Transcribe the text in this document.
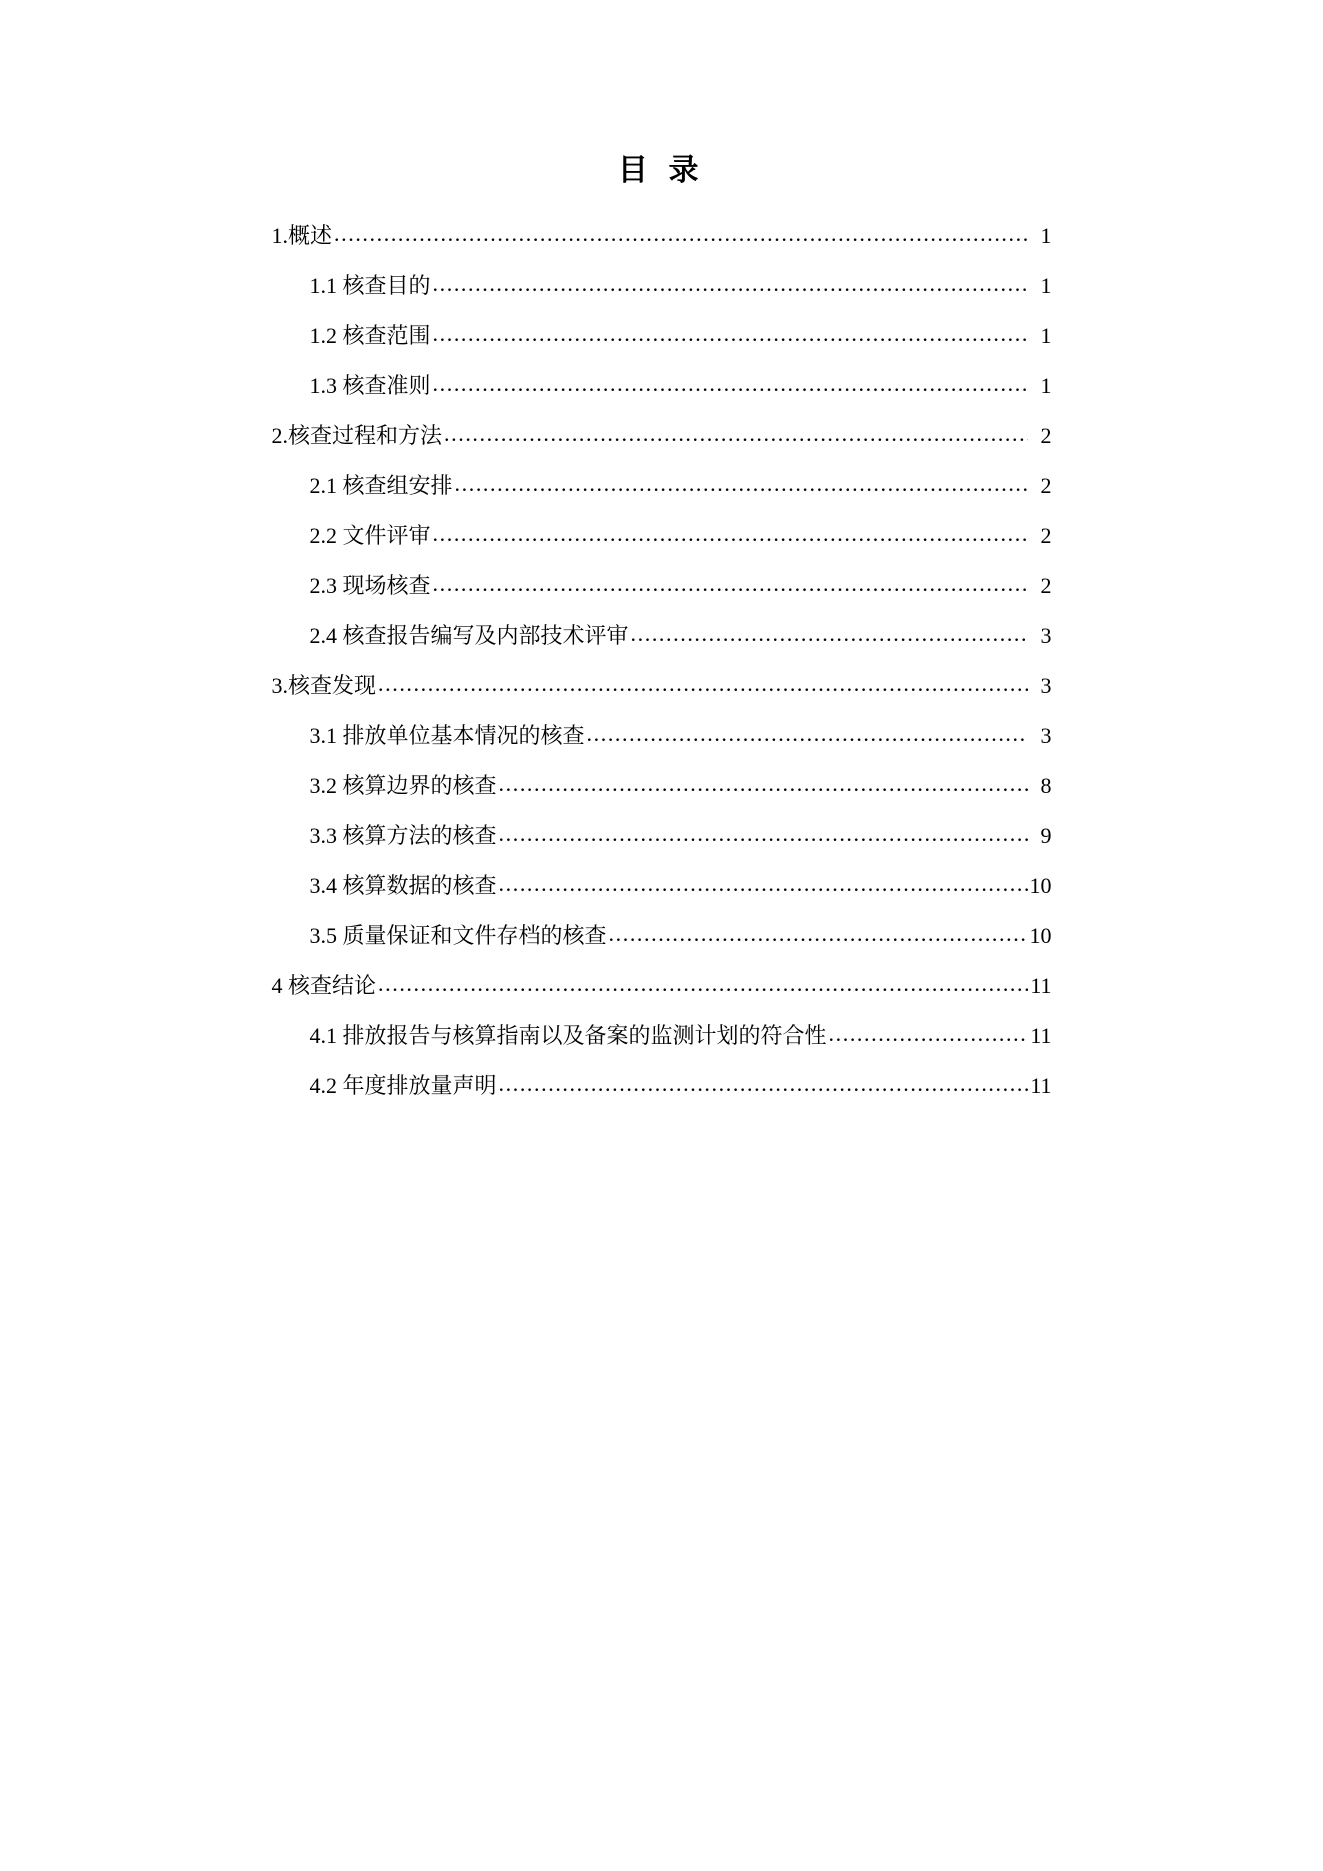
目 录
1.概述 .....	1
1.1 核查目的 .....	1
1.2 核查范围 .....	1
1.3 核查准则 .....	1
2.核查过程和方法 .....	2
2.1 核查组安排 .....	2
2.2 文件评审 .....	2
2.3 现场核查 .....	2
2.4 核查报告编写及内部技术评审 .....	3
3.核查发现 .....	3
3.1 排放单位基本情况的核查 .....	3
3.2 核算边界的核查 .....	8
3.3 核算方法的核查 .....	9
3.4 核算数据的核查 .....	10
3.5 质量保证和文件存档的核查 .....	10
4 核查结论 .....	11
4.1 排放报告与核算指南以及备案的监测计划的符合性 .....	11
4.2 年度排放量声明 .....	11
